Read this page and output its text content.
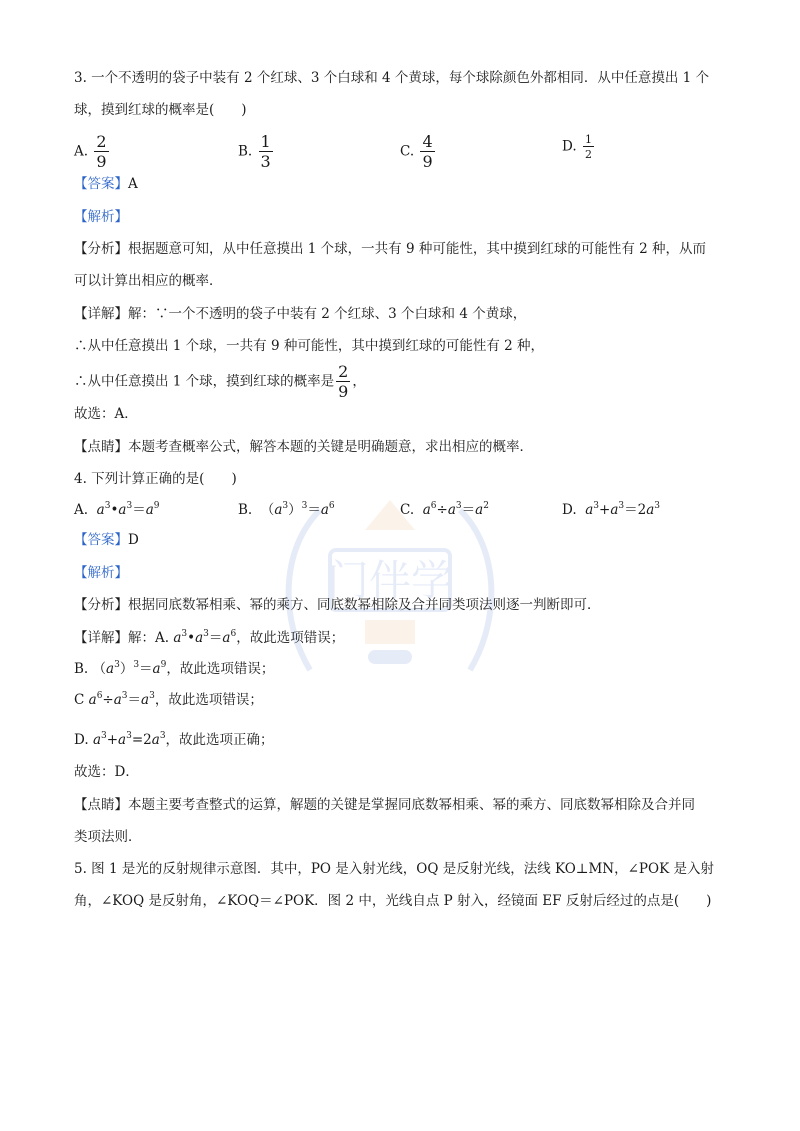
门伴学
3. 一个不透明的袋子中装有 2 个红球、3 个白球和 4 个黄球，每个球除颜色外都相同．从中任意摸出 1 个
球，摸到红球的概率是(　　)
A. $\frac{2}{9}$	B. $\frac{1}{3}$	C. $\frac{4}{9}$	D. $\frac{1}{2}$
【答案】A
【解析】
【分析】根据题意可知，从中任意摸出 1 个球，一共有 9 种可能性，其中摸到红球的可能性有 2 种，从而
可以计算出相应的概率．
【详解】解：∵一个不透明的袋子中装有 2 个红球、3 个白球和 4 个黄球，
∴从中任意摸出 1 个球，一共有 9 种可能性，其中摸到红球的可能性有 2 种，
∴从中任意摸出 1 个球，摸到红球的概率是 $\frac{2}{9}$ ，
故选：A．
【点睛】本题考查概率公式，解答本题的关键是明确题意，求出相应的概率．
4. 下列计算正确的是(　　)
A. $a^3•a^3=a^9$	B.  $(a^3)^3=a^6$	C. $a^6\div a^3=a^2$	D. $a^3+a^3=2a^3$
【答案】D
【解析】
【分析】根据同底数幂相乘、幂的乘方、同底数幂相除及合并同类项法则逐一判断即可．
【详解】解：A. $a^3•a^3=a^6$，故此选项错误；
B. $(a^3)^3=a^9$，故此选项错误；
C $a^6\div a^3=a^3$，故此选项错误；
D. $a^3+a^3=2a^3$，故此选项正确；
故选：D．
【点睛】本题主要考查整式的运算，解题的关键是掌握同底数幂相乘、幂的乘方、同底数幂相除及合并同
类项法则．
5. 图 1 是光的反射规律示意图．其中，PO 是入射光线，OQ 是反射光线，法线 KO⊥MN，∠POK 是入射
角，∠KOQ 是反射角，∠KOQ＝∠POK．图 2 中，光线自点 P 射入，经镜面 EF 反射后经过的点是(　　)
